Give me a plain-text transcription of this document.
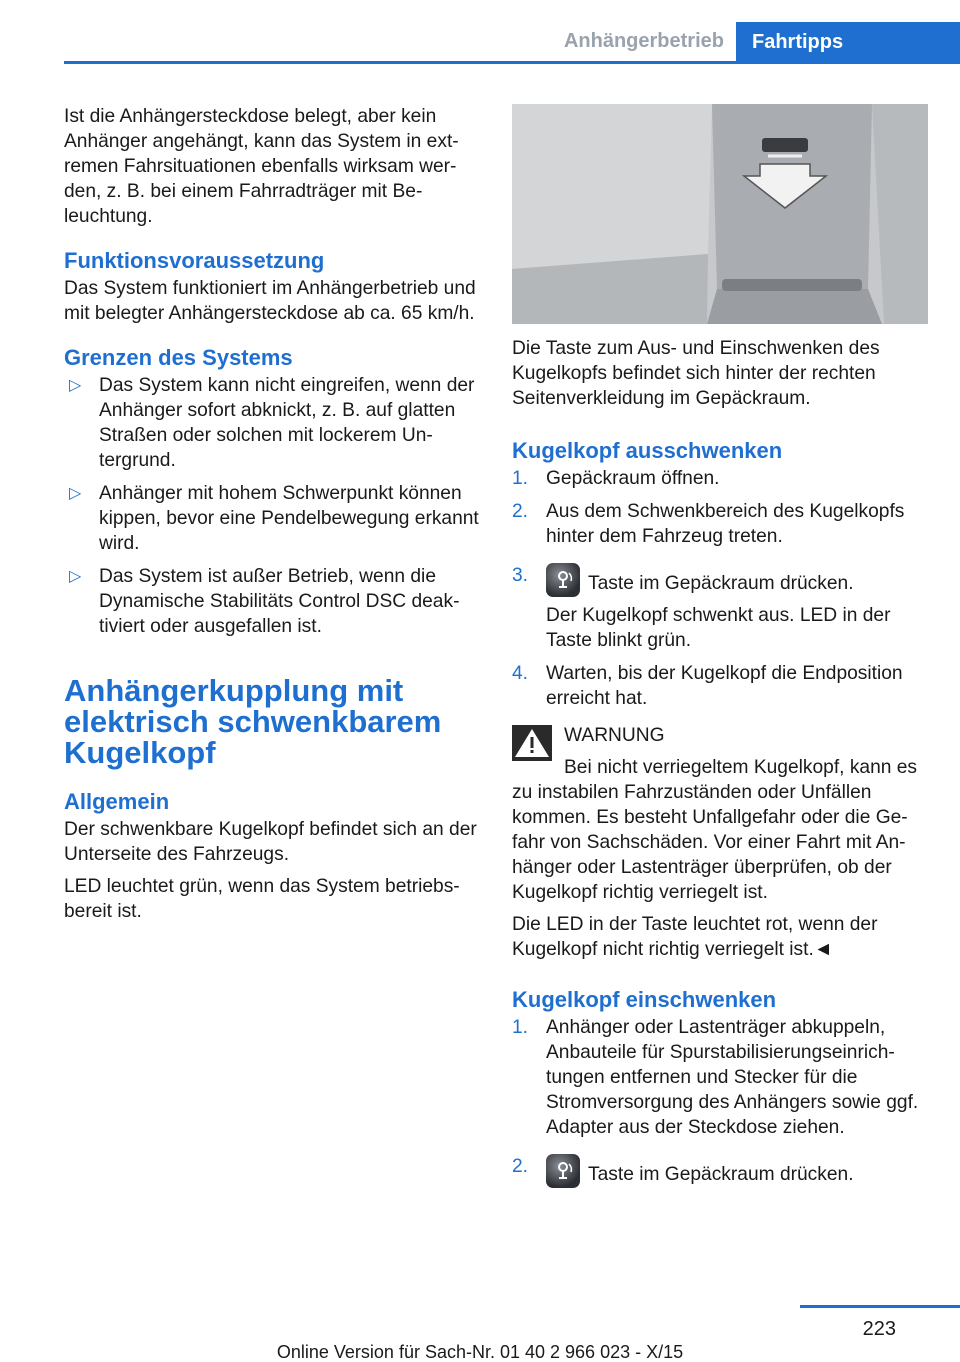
Anhängerbetrieb	Fahrtipps

Ist die Anhängersteckdose belegt, aber kein Anhänger angehängt, kann das System in extremen Fahrsituationen ebenfalls wirksam werden, z. B. bei einem Fahrradträger mit Beleuchtung.

Funktionsvoraussetzung

Das System funktioniert im Anhängerbetrieb und mit belegter Anhängersteckdose ab ca. 65 km/h.

Grenzen des Systems
▷ Das System kann nicht eingreifen, wenn der Anhänger sofort abknickt, z. B. auf glatten Straßen oder solchen mit lockerem Untergrund.
▷ Anhänger mit hohem Schwerpunkt können kippen, bevor eine Pendelbewegung erkannt wird.
▷ Das System ist außer Betrieb, wenn die Dynamische Stabilitäts Control DSC deaktiviert oder ausgefallen ist.
Anhängerkupplung mit elektrisch schwenkbarem Kugelkopf
Allgemein

Der schwenkbare Kugelkopf befindet sich an der Unterseite des Fahrzeugs.

LED leuchtet grün, wenn das System betriebsbereit ist.

Die Taste zum Aus- und Einschwenken des Kugelkopfs befindet sich hinter der rechten Seitenverkleidung im Gepäckraum.

Kugelkopf ausschwenken
1. Gepäckraum öffnen.
2. Aus dem Schwenkbereich des Kugelkopfs hinter dem Fahrzeug treten.
3.	Taste im Gepäckraum drücken.
Der Kugelkopf schwenkt aus. LED in der Taste blinkt grün.
4. Warten, bis der Kugelkopf die Endposition erreicht hat.
WARNUNG

Bei nicht verriegeltem Kugelkopf, kann es zu instabilen Fahrzuständen oder Unfällen kommen. Es besteht Unfallgefahr oder die Gefahr von Sachschäden. Vor einer Fahrt mit Anhänger oder Lastenträger überprüfen, ob der Kugelkopf richtig verriegelt ist.

Die LED in der Taste leuchtet rot, wenn der Kugelkopf nicht richtig verriegelt ist.◄

Kugelkopf einschwenken
1. Anhänger oder Lastenträger abkuppeln, Anbauteile für Spurstabilisierungseinrichtungen entfernen und Stecker für die Stromversorgung des Anhängers sowie ggf. Adapter aus der Steckdose ziehen.
2.	Taste im Gepäckraum drücken.
223
Online Version für Sach-Nr. 01 40 2 966 023 - X/15
